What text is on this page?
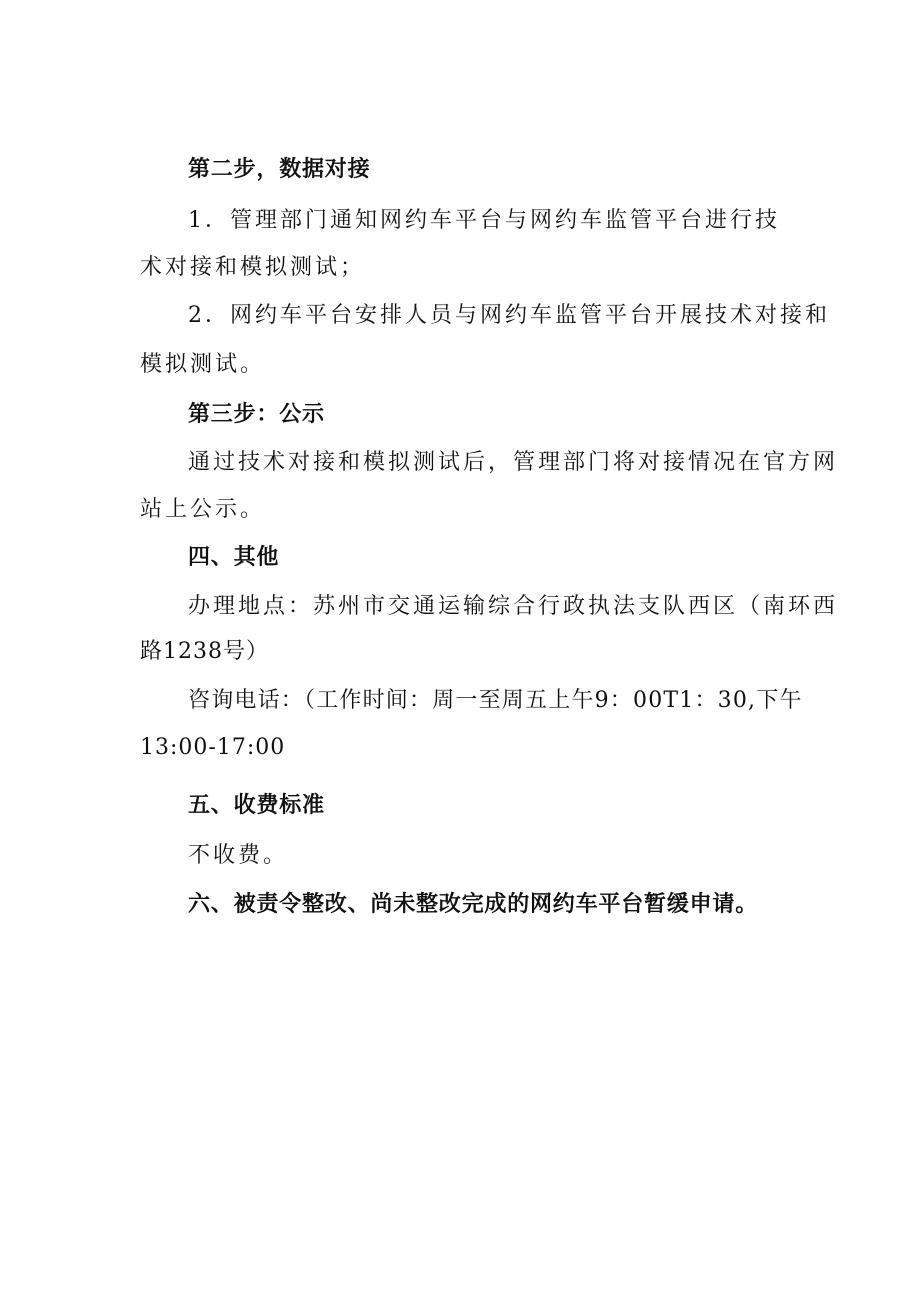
第二步，数据对接
1．管理部门通知网约车平台与网约车监管平台进行技
术对接和模拟测试；
2．网约车平台安排人员与网约车监管平台开展技术对接和
模拟测试。
第三步：公示
通过技术对接和模拟测试后，管理部门将对接情况在官方网
站上公示。
四、其他
办理地点：苏州市交通运输综合行政执法支队西区（南环西
路1238号）
咨询电话：（工作时间：周一至周五上午9：00T1：30,下午
13:00-17:00
五、收费标准
不收费。
六、被责令整改、尚未整改完成的网约车平台暂缓申请。
